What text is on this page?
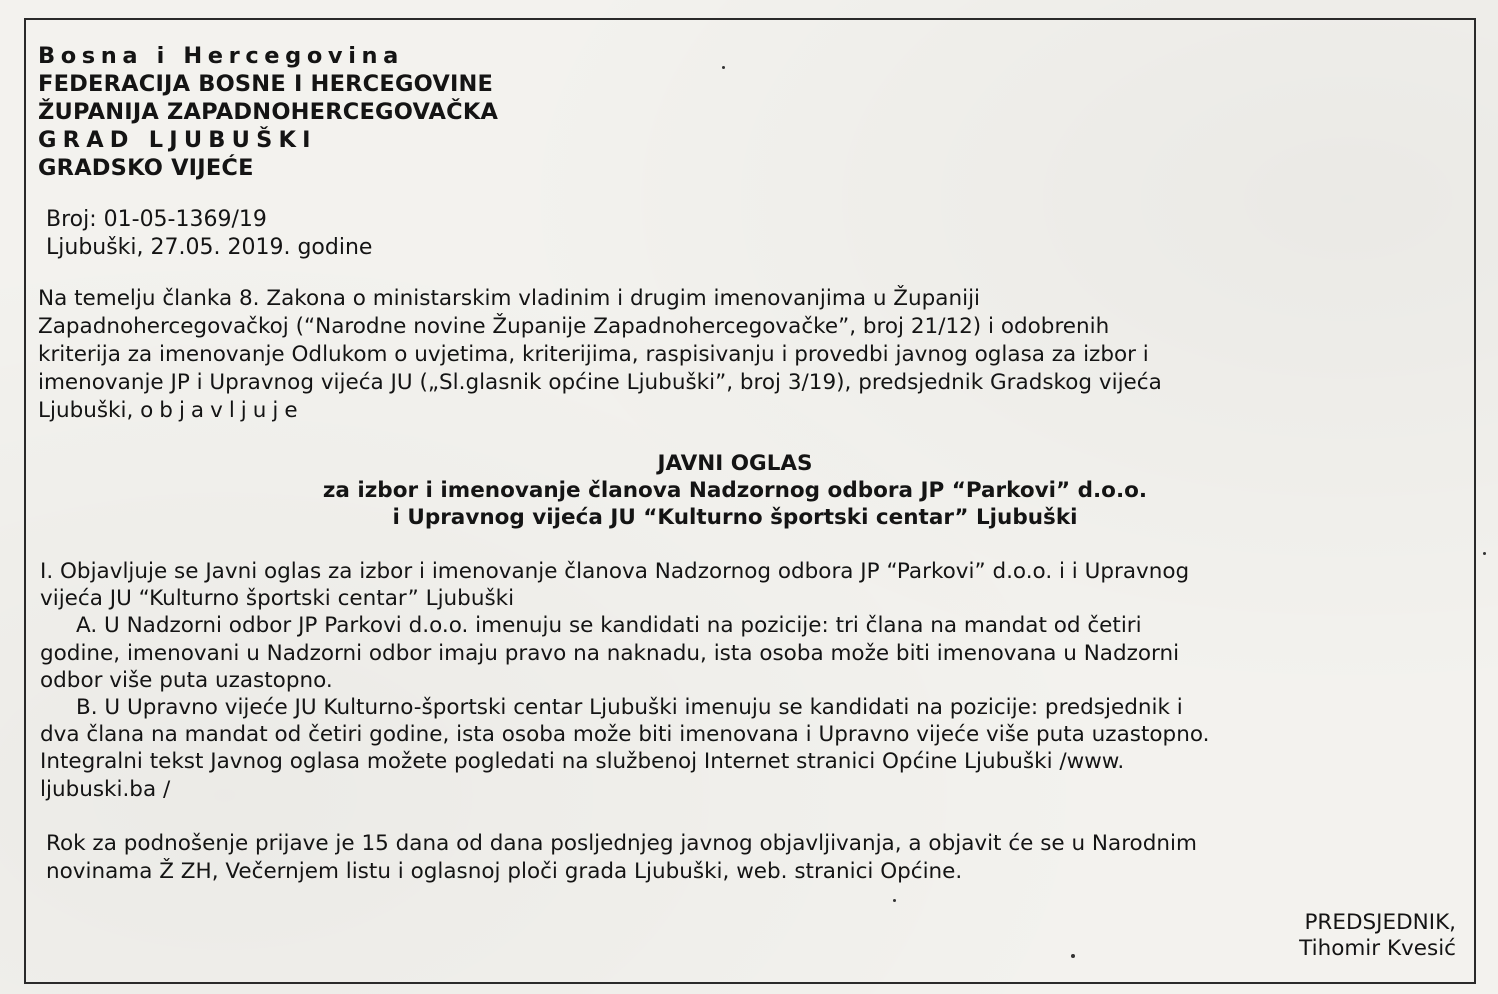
Bosna i Hercegovina
FEDERACIJA BOSNE I HERCEGOVINE
ŽUPANIJA ZAPADNOHERCEGOVAČKA
GRAD LJUBUŠKI
GRADSKO VIJEĆE
Broj: 01-05-1369/19
Ljubuški, 27.05. 2019. godine
Na temelju članka 8. Zakona o ministarskim vladinim i drugim imenovanjima u Županiji
Zapadnohercegovačkoj (“Narodne novine Županije Zapadnohercegovačke”, broj 21/12) i odobrenih
kriterija za imenovanje Odlukom o uvjetima, kriterijima, raspisivanju i provedbi javnog oglasa za izbor i
imenovanje JP i Upravnog vijeća JU („Sl.glasnik općine Ljubuški”, broj 3/19), predsjednik Gradskog vijeća
Ljubuški, objavljuje
JAVNI OGLAS
za izbor i imenovanje članova Nadzornog odbora JP “Parkovi” d.o.o.
i Upravnog vijeća JU “Kulturno športski centar” Ljubuški
I. Objavljuje se Javni oglas za izbor i imenovanje članova Nadzornog odbora JP “Parkovi” d.o.o. i i Upravnog
vijeća JU “Kulturno športski centar” Ljubuški
A. U Nadzorni odbor JP Parkovi d.o.o. imenuju se kandidati na pozicije: tri člana na mandat od četiri
godine, imenovani u Nadzorni odbor imaju pravo na naknadu, ista osoba može biti imenovana u Nadzorni
odbor više puta uzastopno.
B. U Upravno vijeće JU Kulturno-športski centar Ljubuški imenuju se kandidati na pozicije: predsjednik i
dva člana na mandat od četiri godine, ista osoba može biti imenovana i Upravno vijeće više puta uzastopno.
Integralni tekst Javnog oglasa možete pogledati na službenoj Internet stranici Općine Ljubuški /www.
ljubuski.ba /
Rok za podnošenje prijave je 15 dana od dana posljednjeg javnog objavljivanja, a objavit će se u Narodnim
novinama Ž ZH, Večernjem listu i oglasnoj ploči grada Ljubuški, web. stranici Općine.
PREDSJEDNIK,
Tihomir Kvesić
